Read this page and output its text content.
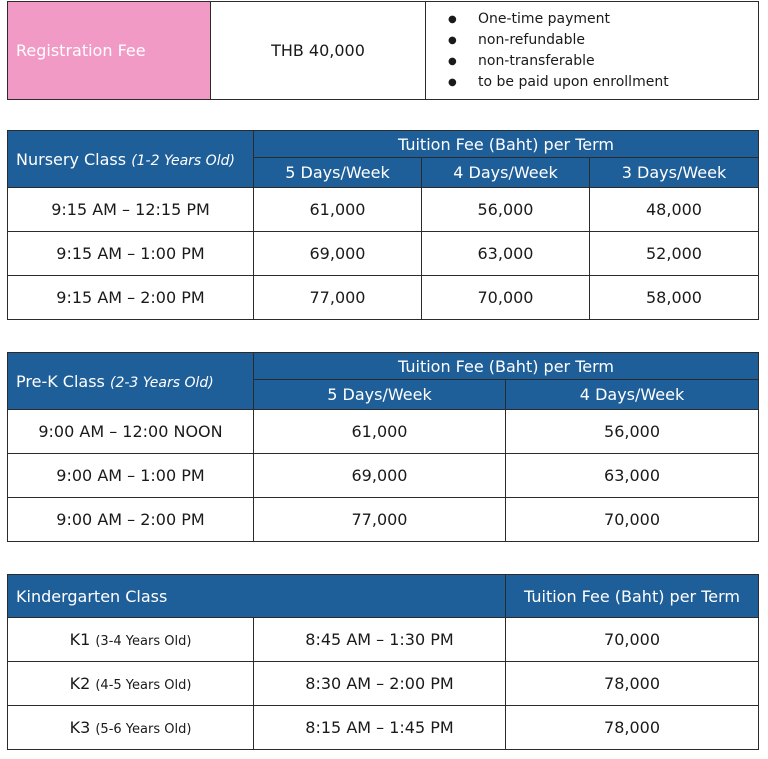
Registration Fee	THB 40,000	
● One-time payment
● non-refundable
● non-transferable
● to be paid upon enrollment
Nursery Class (1-2 Years Old)	Tuition Fee (Baht) per Term		
	5 Days/Week	4 Days/Week	3 Days/Week
9:15 AM – 12:15 PM	61,000	56,000	48,000
9:15 AM – 1:00 PM	69,000	63,000	52,000
9:15 AM – 2:00 PM	77,000	70,000	58,000
Pre-K Class (2-3 Years Old)	Tuition Fee (Baht) per Term	
	5 Days/Week	4 Days/Week
9:00 AM – 12:00 NOON	61,000	56,000
9:00 AM – 1:00 PM	69,000	63,000
9:00 AM – 2:00 PM	77,000	70,000
Kindergarten Class		Tuition Fee (Baht) per Term
K1 (3-4 Years Old)	8:45 AM – 1:30 PM	70,000
K2 (4-5 Years Old)	8:30 AM – 2:00 PM	78,000
K3 (5-6 Years Old)	8:15 AM – 1:45 PM	78,000
